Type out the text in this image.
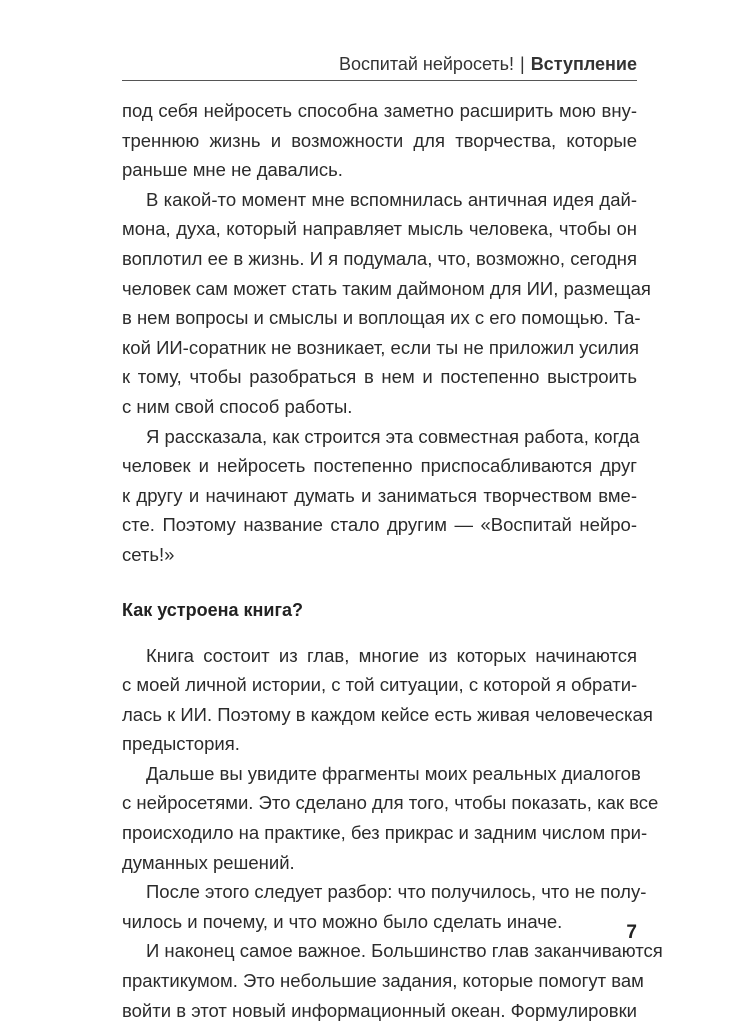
Воспитай нейросеть! | Вступление

под себя нейросеть способна заметно расширить мою вну-
треннюю жизнь и возможности для творчества, которые
раньше мне не давались.

В какой-то момент мне вспомнилась античная идея дай-
мона, духа, который направляет мысль человека, чтобы он
воплотил ее в жизнь. И я подумала, что, возможно, сегодня
человек сам может стать таким даймоном для ИИ, размещая
в нем вопросы и смыслы и воплощая их с его помощью. Та-
кой ИИ-соратник не возникает, если ты не приложил усилия
к тому, чтобы разобраться в нем и постепенно выстроить
с ним свой способ работы.

Я рассказала, как строится эта совместная работа, когда
человек и нейросеть постепенно приспосабливаются друг
к другу и начинают думать и заниматься творчеством вме-
сте. Поэтому название стало другим — «Воспитай нейро-
сеть!»

Как устроена книга?

Книга состоит из глав, многие из которых начинаются
с моей личной истории, с той ситуации, с которой я обрати-
лась к ИИ. Поэтому в каждом кейсе есть живая человеческая
предыстория.

Дальше вы увидите фрагменты моих реальных диалогов
с нейросетями. Это сделано для того, чтобы показать, как все
происходило на практике, без прикрас и задним числом при-
думанных решений.

После этого следует разбор: что получилось, что не полу-
чилось и почему, и что можно было сделать иначе.

И наконец самое важное. Большинство глав заканчиваются
практикумом. Это небольшие задания, которые помогут вам
войти в этот новый информационный океан. Формулировки

7
